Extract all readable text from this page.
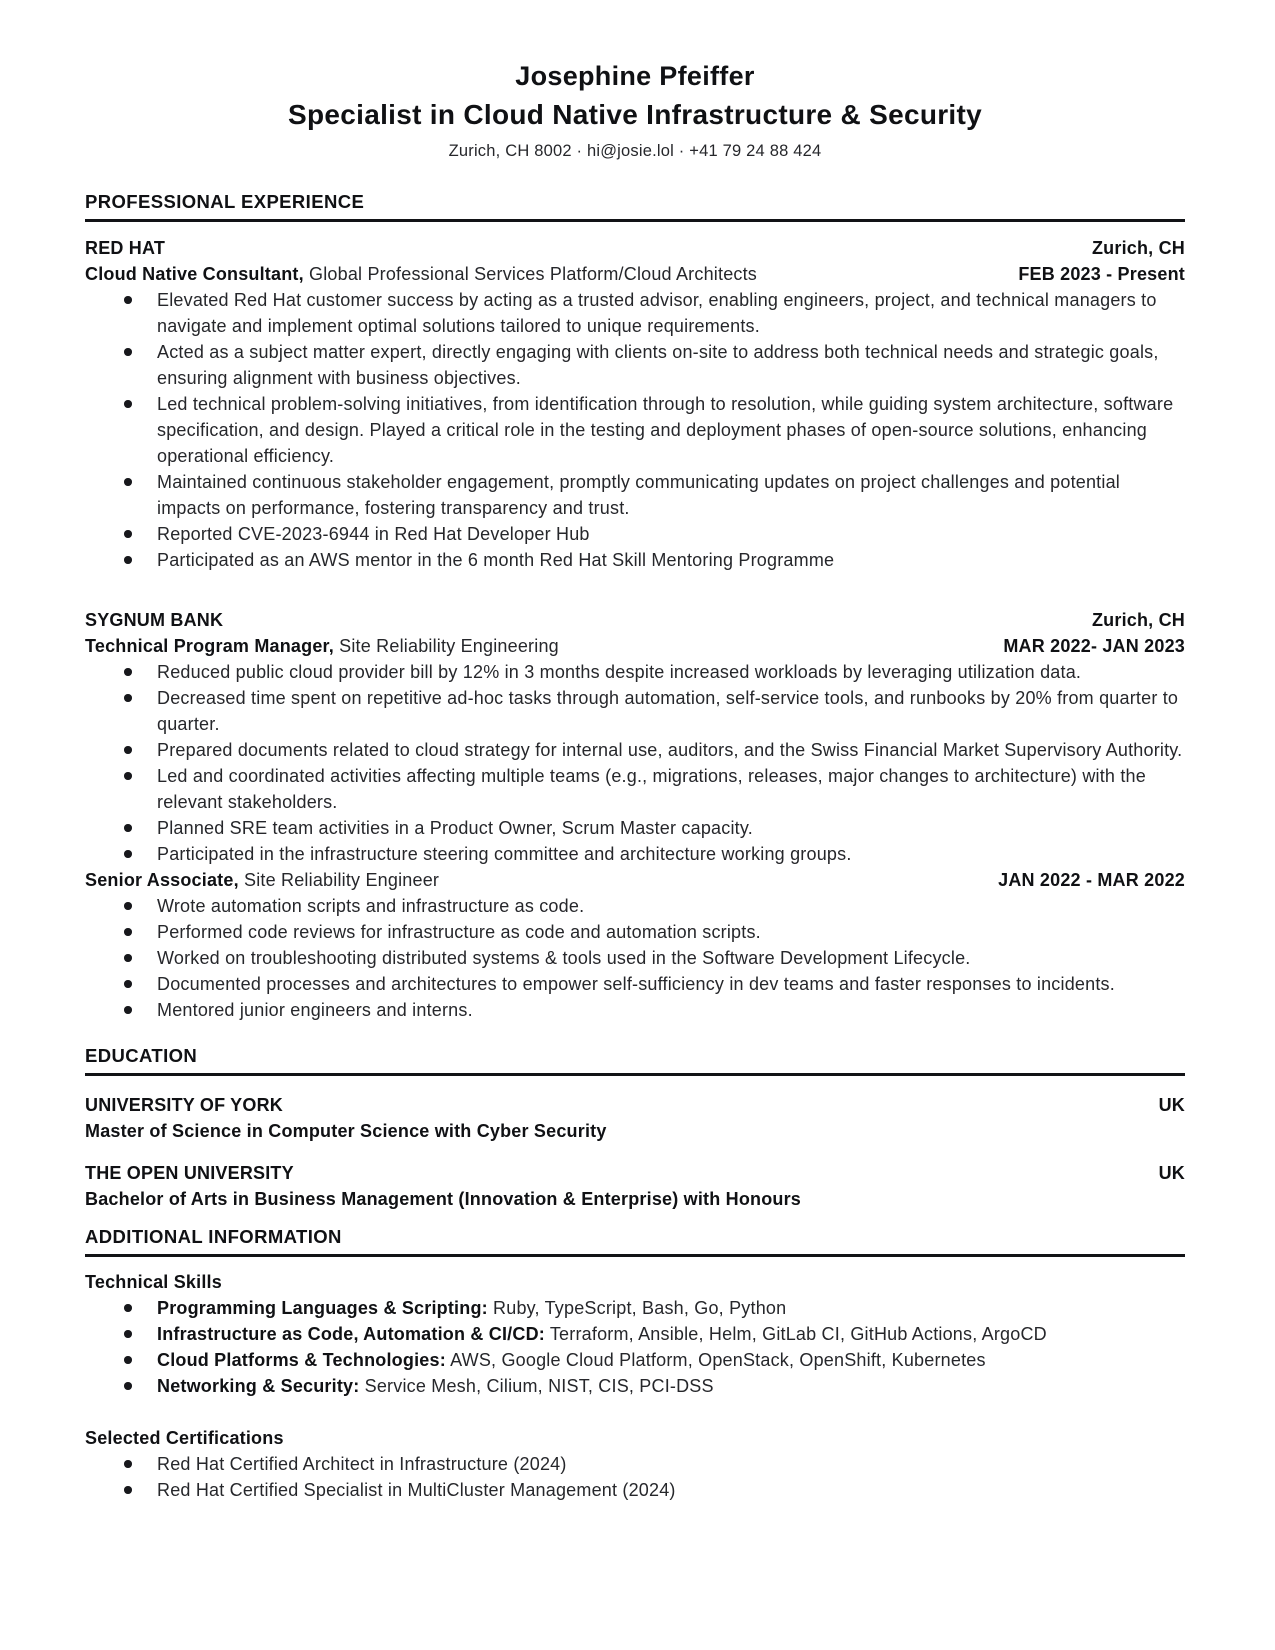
Josephine Pfeiffer
Specialist in Cloud Native Infrastructure & Security
Zurich, CH 8002 · hi@josie.lol · +41 79 24 88 424
PROFESSIONAL EXPERIENCE
RED HAT	Zurich, CH
Cloud Native Consultant, Global Professional Services Platform/Cloud Architects	FEB 2023 - Present
Elevated Red Hat customer success by acting as a trusted advisor, enabling engineers, project, and technical managers to navigate and implement optimal solutions tailored to unique requirements.
Acted as a subject matter expert, directly engaging with clients on-site to address both technical needs and strategic goals, ensuring alignment with business objectives.
Led technical problem-solving initiatives, from identification through to resolution, while guiding system architecture, software specification, and design. Played a critical role in the testing and deployment phases of open-source solutions, enhancing operational efficiency.
Maintained continuous stakeholder engagement, promptly communicating updates on project challenges and potential impacts on performance, fostering transparency and trust.
Reported CVE-2023-6944 in Red Hat Developer Hub
Participated as an AWS mentor in the 6 month Red Hat Skill Mentoring Programme
SYGNUM BANK	Zurich, CH
Technical Program Manager, Site Reliability Engineering	MAR 2022- JAN 2023
Reduced public cloud provider bill by 12% in 3 months despite increased workloads by leveraging utilization data.
Decreased time spent on repetitive ad-hoc tasks through automation, self-service tools, and runbooks by 20% from quarter to quarter.
Prepared documents related to cloud strategy for internal use, auditors, and the Swiss Financial Market Supervisory Authority.
Led and coordinated activities affecting multiple teams (e.g., migrations, releases, major changes to architecture) with the relevant stakeholders.
Planned SRE team activities in a Product Owner, Scrum Master capacity.
Participated in the infrastructure steering committee and architecture working groups.
Senior Associate, Site Reliability Engineer	JAN 2022 - MAR 2022
Wrote automation scripts and infrastructure as code.
Performed code reviews for infrastructure as code and automation scripts.
Worked on troubleshooting distributed systems & tools used in the Software Development Lifecycle.
Documented processes and architectures to empower self-sufficiency in dev teams and faster responses to incidents.
Mentored junior engineers and interns.
EDUCATION
UNIVERSITY OF YORK	UK
Master of Science in Computer Science with Cyber Security
THE OPEN UNIVERSITY	UK
Bachelor of Arts in Business Management (Innovation & Enterprise) with Honours
ADDITIONAL INFORMATION
Technical Skills
Programming Languages & Scripting: Ruby, TypeScript, Bash, Go, Python
Infrastructure as Code, Automation & CI/CD: Terraform, Ansible, Helm, GitLab CI, GitHub Actions, ArgoCD
Cloud Platforms & Technologies: AWS, Google Cloud Platform, OpenStack, OpenShift, Kubernetes
Networking & Security: Service Mesh, Cilium, NIST, CIS, PCI-DSS
Selected Certifications
Red Hat Certified Architect in Infrastructure (2024)
Red Hat Certified Specialist in MultiCluster Management (2024)
